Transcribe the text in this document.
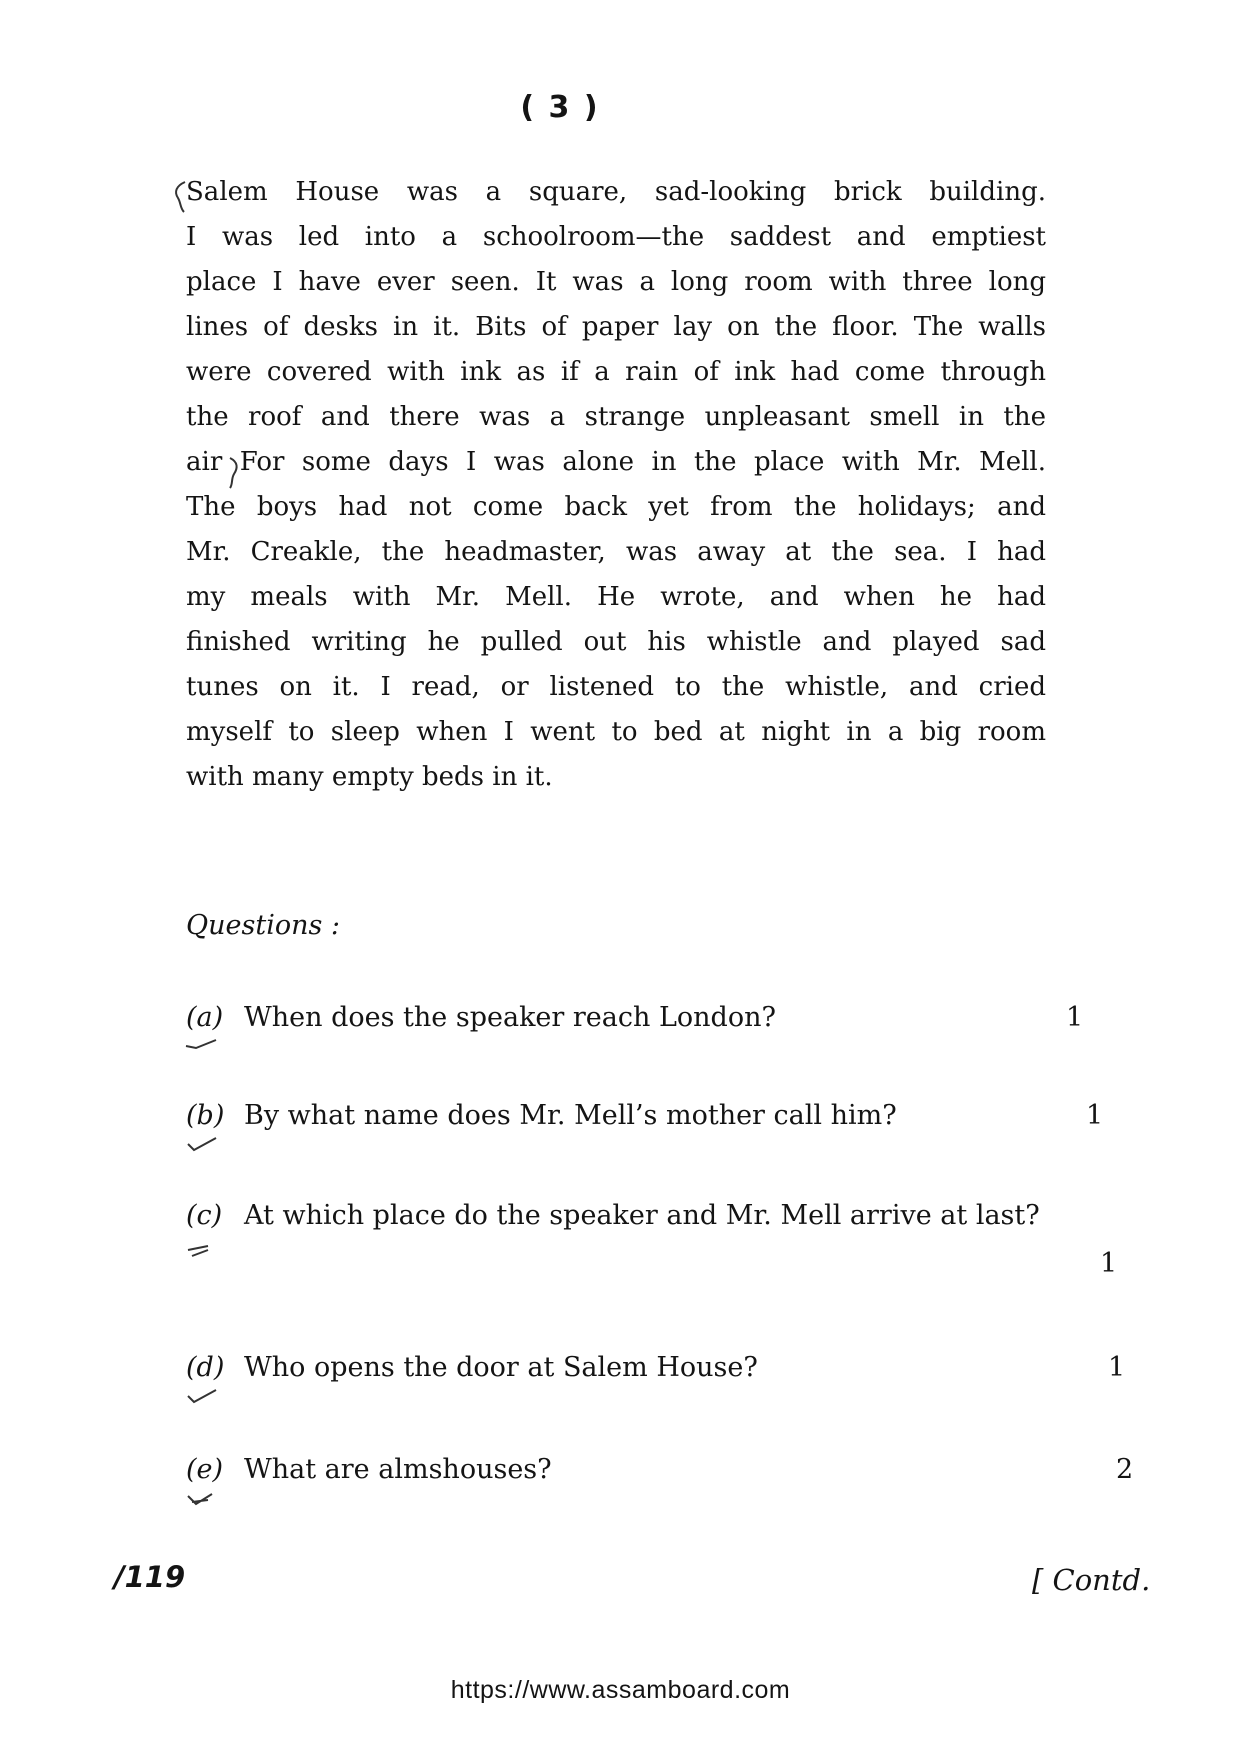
( 3 )
Salem House was a square, sad-looking brick building.
I was led into a schoolroom—the saddest and emptiest
place I have ever seen. It was a long room with three long
lines of desks in it. Bits of paper lay on the floor. The walls
were covered with ink as if a rain of ink had come through
the roof and there was a strange unpleasant smell in the
air For some days I was alone in the place with Mr. Mell.
The boys had not come back yet from the holidays; and
Mr. Creakle, the headmaster, was away at the sea. I had
my meals with Mr. Mell. He wrote, and when he had
finished writing he pulled out his whistle and played sad
tunes on it. I read, or listened to the whistle, and cried
myself to sleep when I went to bed at night in a big room
with many empty beds in it.
Questions :
(a) When does the speaker reach London?	1
(b) By what name does Mr. Mell’s mother call him?	1
(c) At which place do the speaker and Mr. Mell arrive at last?
1
(d) Who opens the door at Salem House?	1
(e) What are almshouses?	2
/119	[ Contd.
https://www.assamboard.com
